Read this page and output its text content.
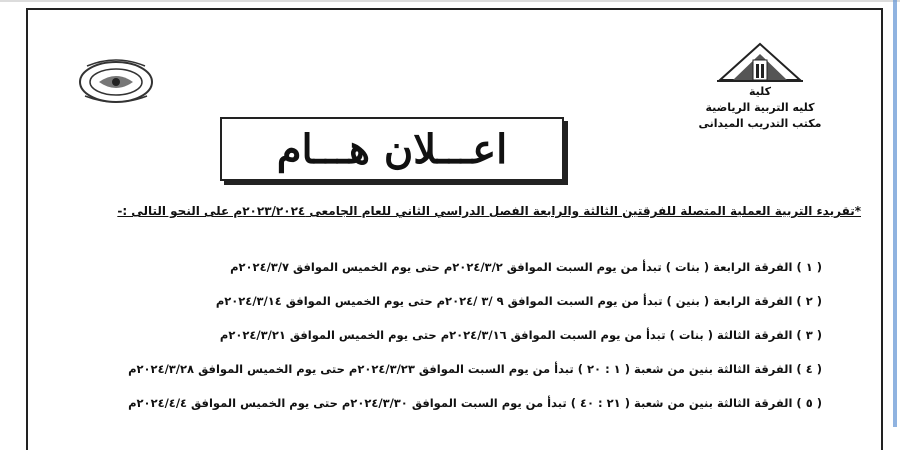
كلية
كليه التربية الرياضية
مكتب التدريب الميدانى
اعـــلان هـــام
*تقريدء التربية العملية المتصلة للفرقتين الثالثة والرابعة الفصل الدراسي الثاني للعام الجامعى ٢٠٢٣/٢٠٢٤م على النحو التالى :-
( ١ ) الفرقة الرابعة ( بنات ) تبدأ من يوم السبت الموافق ٢٠٢٤/٣/٢م حتى يوم الخميس الموافق ٢٠٢٤/٣/٧م
( ٢ ) الفرقة الرابعة ( بنين ) تبدأ من يوم السبت الموافق ٩ /٣ /٢٠٢٤م حتى يوم الخميس الموافق ٢٠٢٤/٣/١٤م
( ٣ ) الفرقة الثالثة ( بنات ) تبدأ من يوم السبت الموافق ٢٠٢٤/٣/١٦م حتى يوم الخميس الموافق ٢٠٢٤/٣/٢١م
( ٤ ) الفرقة الثالثة بنين من شعبة ( ١ : ٢٠ ) تبدأ من يوم السبت الموافق ٢٠٢٤/٣/٢٣م حتى يوم الخميس الموافق ٢٠٢٤/٣/٢٨م
( ٥ ) الفرقة الثالثة بنين من شعبة ( ٢١ : ٤٠ ) تبدأ من يوم السبت الموافق ٢٠٢٤/٣/٣٠م حتى يوم الخميس الموافق ٢٠٢٤/٤/٤م
